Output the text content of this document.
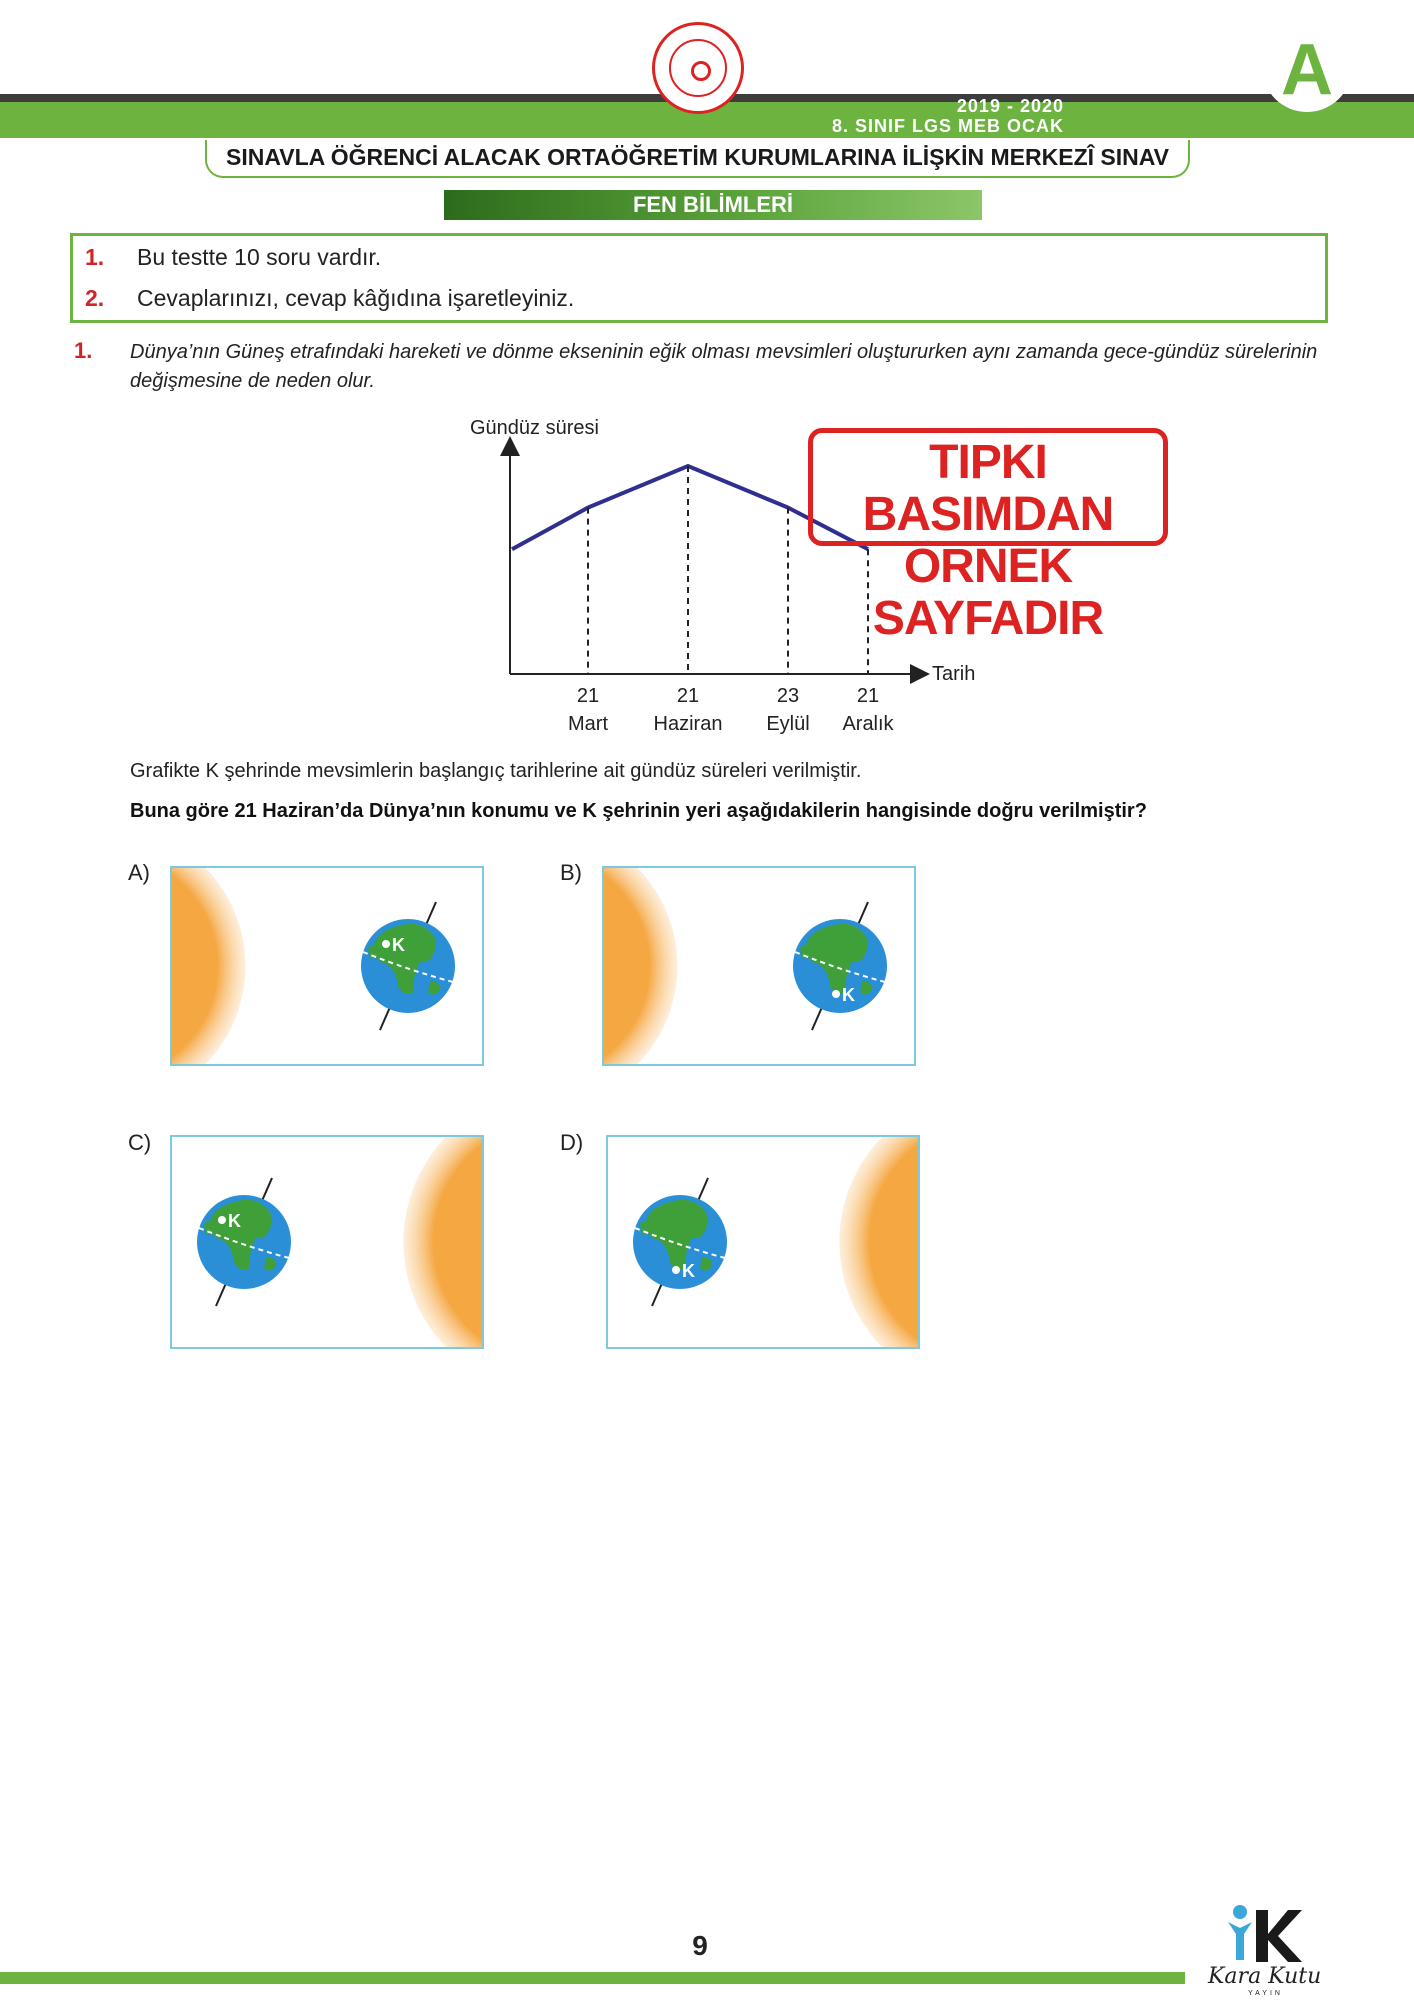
2019 - 2020
8. SINIF LGS MEB OCAK
A
SINAVLA ÖĞRENCİ ALACAK ORTAÖĞRETİM KURUMLARINA İLİŞKİN MERKEZÎ SINAV
FEN BİLİMLERİ
1. Bu testte 10 soru vardır.
2. Cevaplarınızı, cevap kâğıdına işaretleyiniz.
1. Dünya’nın Güneş etrafındaki hareketi ve dönme ekseninin eğik olması mevsimleri oluştururken aynı zamanda gece-gündüz sürelerinin değişmesine de neden olur.
Gündüz süresi
Tarih
21
Mart
21
Haziran
23
Eylül
21
Aralık
TIPKI BASIMDAN
ÖRNEK SAYFADIR
Grafikte K şehrinde mevsimlerin başlangıç tarihlerine ait gündüz süreleri verilmiştir.
Buna göre 21 Haziran’da Dünya’nın konumu ve K şehrinin yeri aşağıdakilerin hangisinde doğru verilmiştir?
A)
K
B)
K
C)
K
D)
K
9
Kara Kutu
YAYIN
